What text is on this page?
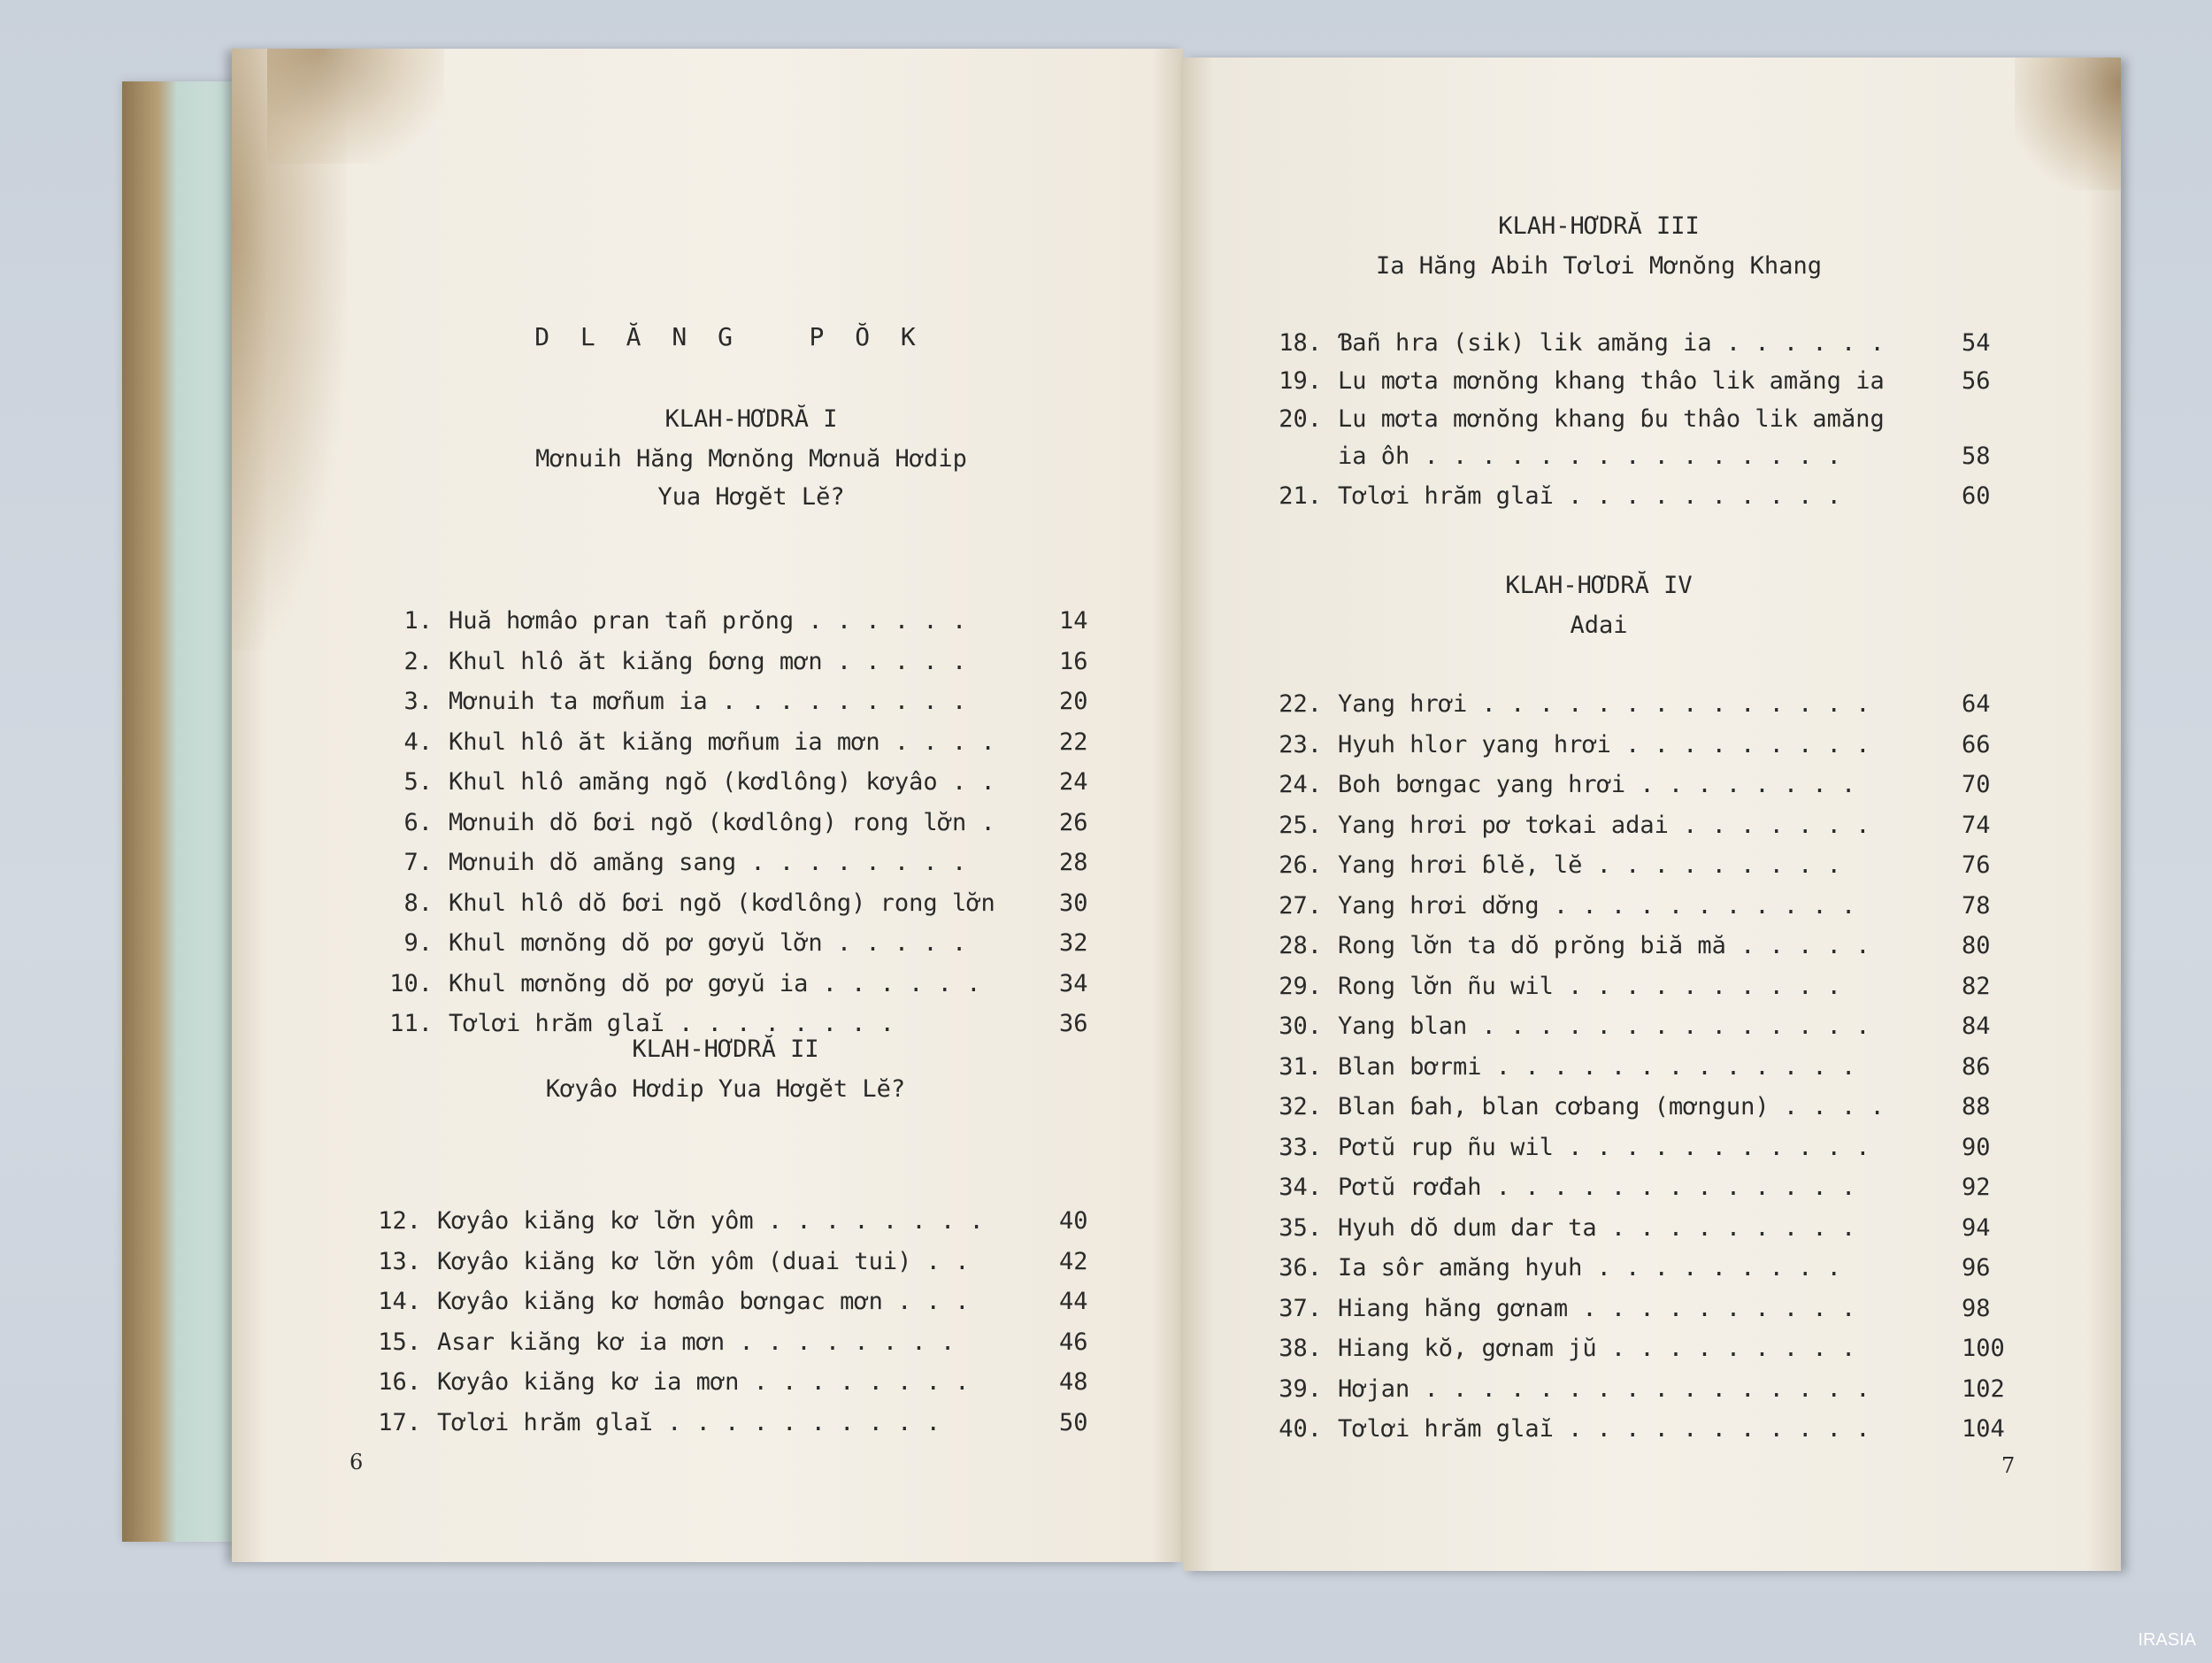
D L Ă N G   P Ŏ K
KLAH-HƠDRĂ I
Mơnuih Hăng Mơnŏng Mơnuă Hơdip
Yua Hơgĕt Lĕ?
1. Huă hơmâo pran tañ prŏng . . . . . .	14
2. Khul hlô ăt kiăng ɓơng mơn . . . . .	16
3. Mơnuih ta mơñum ia . . . . . . . . .	20
4. Khul hlô ăt kiăng mơñum ia mơn . . . .	22
5. Khul hlô amăng ngŏ (kơdlông) kơyâo . .	24
6. Mơnuih dŏ ɓơi ngŏ (kơdlông) rong lơ̆n .	26
7. Mơnuih dŏ amăng sang . . . . . . . .	28
8. Khul hlô dŏ ɓơi ngŏ (kơdlông) rong lơ̆n	30
9. Khul mơnŏng dŏ pơ gơyŭ lơ̆n . . . . .	32
10. Khul mơnŏng dŏ pơ gơyŭ ia . . . . . .	34
11. Tơlơi hrăm glaĭ . . . . . . . .	36
KLAH-HƠDRĂ II
Kơyâo Hơdip Yua Hơgĕt Lĕ?
12. Kơyâo kiăng kơ lơ̆n yôm . . . . . . . .	40
13. Kơyâo kiăng kơ lơ̆n yôm (duai tui) . .	42
14. Kơyâo kiăng kơ hơmâo bơngac mơn . . .	44
15. Asar kiăng kơ ia mơn . . . . . . . .	46
16. Kơyâo kiăng kơ ia mơn . . . . . . . .	48
17. Tơlơi hrăm glaĭ . . . . . . . . . .	50
6
KLAH-HƠDRĂ III
Ia Hăng Abih Tơlơi Mơnŏng Khang
18. Ɓañ hra (sik) lik amăng ia . . . . . .	54
19. Lu mơta mơnŏng khang thâo lik amăng ia	56
20. Lu mơta mơnŏng khang ɓu thâo lik amăng
ia ôh . . . . . . . . . . . . . . .	58
21. Tơlơi hrăm glaĭ . . . . . . . . . .	60
KLAH-HƠDRĂ IV
Adai
22. Yang hrơi . . . . . . . . . . . . . .	64
23. Hyuh hlor yang hrơi . . . . . . . . .	66
24. Boh bơngac yang hrơi . . . . . . . .	70
25. Yang hrơi pơ tơkai adai . . . . . . .	74
26. Yang hrơi ɓlĕ, lĕ . . . . . . . . .	76
27. Yang hrơi dơ̆ng . . . . . . . . . . .	78
28. Rong lơ̆n ta dŏ prŏng biă mă . . . . .	80
29. Rong lơ̆n ñu wil . . . . . . . . . .	82
30. Yang blan . . . . . . . . . . . . . .	84
31. Blan bơrmi . . . . . . . . . . . . .	86
32. Blan ɓah, blan cơbang (mơngun) . . . .	88
33. Pơtŭ rup ñu wil . . . . . . . . . . .	90
34. Pơtŭ rơđah . . . . . . . . . . . . .	92
35. Hyuh dŏ dum dar ta . . . . . . . . .	94
36. Ia sôr amăng hyuh . . . . . . . . .	96
37. Hiang hăng gơnam . . . . . . . . . .	98
38. Hiang kŏ, gơnam jŭ . . . . . . . . .	100
39. Hơjan . . . . . . . . . . . . . . . .	102
40. Tơlơi hrăm glaĭ . . . . . . . . . . .	104
7
IRASIA
